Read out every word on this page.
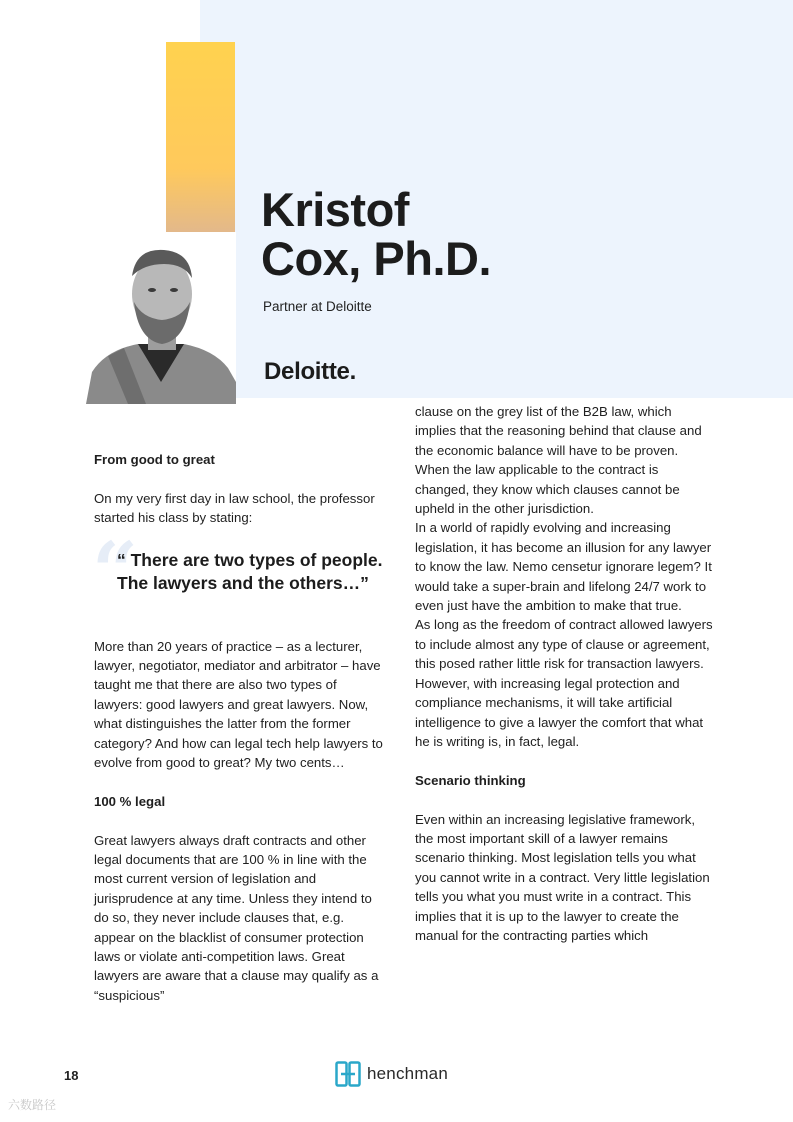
Kristof
Cox, Ph.D.
Partner at Deloitte
Deloitte.

From good to great

On my very first day in law school, the professor started his class by stating:

“
“ There are two types of people. The lawyers and the others…”

More than 20 years of practice – as a lecturer, lawyer, negotiator, mediator and arbitrator – have taught me that there are also two types of lawyers: good lawyers and great lawyers. Now, what distinguishes the latter from the former category? And how can legal tech help lawyers to evolve from good to great? My two cents…

100 % legal

Great lawyers always draft contracts and other legal documents that are 100 % in line with the most current version of legislation and jurisprudence at any time. Unless they intend to do so, they never include clauses that, e.g. appear on the blacklist of consumer protection laws or violate anti-competition laws. Great lawyers are aware that a clause may qualify as a “suspicious”

clause on the grey list of the B2B law, which implies that the reasoning behind that clause and the economic balance will have to be proven. When the law applicable to the contract is changed, they know which clauses cannot be upheld in the other jurisdiction.

In a world of rapidly evolving and increasing legislation, it has become an illusion for any lawyer to know the law. Nemo censetur ignorare legem? It would take a super-brain and lifelong 24/7 work to even just have the ambition to make that true.

As long as the freedom of contract allowed lawyers to include almost any type of clause or agreement, this posed rather little risk for transaction lawyers. However, with increasing legal protection and compliance mechanisms, it will take artificial intelligence to give a lawyer the comfort that what he is writing is, in fact, legal.

Scenario thinking

Even within an increasing legislative framework, the most important skill of a lawyer remains scenario thinking. Most legislation tells you what you cannot write in a contract. Very little legislation tells you what you must write in a contract. This implies that it is up to the lawyer to create the manual for the contracting parties which

18	henchman
六数路径
